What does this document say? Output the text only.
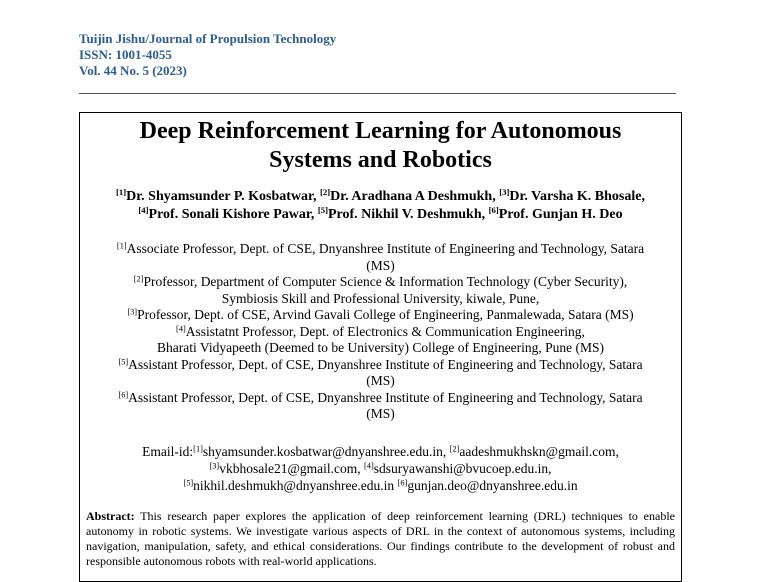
Tuijin Jishu/Journal of Propulsion Technology
ISSN: 1001-4055
Vol. 44 No. 5 (2023)
Deep Reinforcement Learning for Autonomous
Systems and Robotics
[1]Dr. Shyamsunder P. Kosbatwar, [2]Dr. Aradhana A Deshmukh, [3]Dr. Varsha K. Bhosale,
[4]Prof. Sonali Kishore Pawar, [5]Prof. Nikhil V. Deshmukh, [6]Prof. Gunjan H. Deo
[1]Associate Professor, Dept. of CSE, Dnyanshree Institute of Engineering and Technology, Satara
(MS)
[2]Professor, Department of Computer Science & Information Technology (Cyber Security),
Symbiosis Skill and Professional University, kiwale, Pune,
[3]Professor, Dept. of CSE, Arvind Gavali College of Engineering, Panmalewada, Satara (MS)
[4]Assistatnt Professor, Dept. of Electronics & Communication Engineering,
Bharati Vidyapeeth (Deemed to be University) College of Engineering, Pune (MS)
[5]Assistant Professor, Dept. of CSE, Dnyanshree Institute of Engineering and Technology, Satara
(MS)
[6]Assistant Professor, Dept. of CSE, Dnyanshree Institute of Engineering and Technology, Satara
(MS)
Email-id:[1]shyamsunder.kosbatwar@dnyanshree.edu.in, [2]aadeshmukhskn@gmail.com,
[3]vkbhosale21@gmail.com, [4]sdsuryawanshi@bvucoep.edu.in,
[5]nikhil.deshmukh@dnyanshree.edu.in [6]gunjan.deo@dnyanshree.edu.in
Abstract: This research paper explores the application of deep reinforcement learning (DRL) techniques to enable autonomy in robotic systems. We investigate various aspects of DRL in the context of autonomous systems, including navigation, manipulation, safety, and ethical considerations. Our findings contribute to the development of robust and responsible autonomous robots with real-world applications.
